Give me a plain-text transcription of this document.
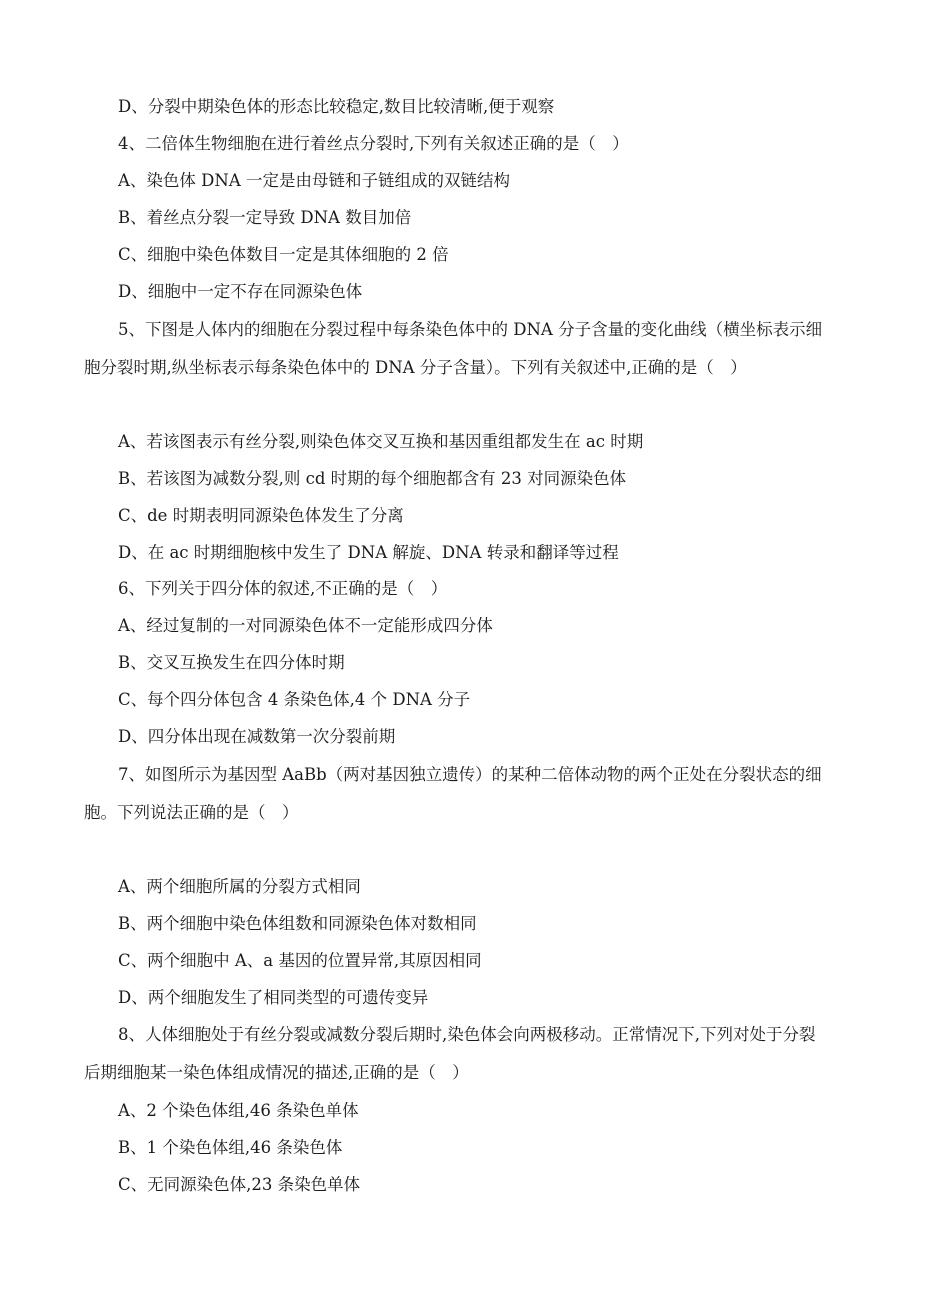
D、分裂中期染色体的形态比较稳定,数目比较清晰,便于观察
4、二倍体生物细胞在进行着丝点分裂时,下列有关叙述正确的是（　）
A、染色体 DNA 一定是由母链和子链组成的双链结构
B、着丝点分裂一定导致 DNA 数目加倍
C、细胞中染色体数目一定是其体细胞的 2 倍
D、细胞中一定不存在同源染色体
5、下图是人体内的细胞在分裂过程中每条染色体中的 DNA 分子含量的变化曲线（横坐标表示细
胞分裂时期,纵坐标表示每条染色体中的 DNA 分子含量）。下列有关叙述中,正确的是（　）
A、若该图表示有丝分裂,则染色体交叉互换和基因重组都发生在 ac 时期
B、若该图为减数分裂,则 cd 时期的每个细胞都含有 23 对同源染色体
C、de 时期表明同源染色体发生了分离
D、在 ac 时期细胞核中发生了 DNA 解旋、DNA 转录和翻译等过程
6、下列关于四分体的叙述,不正确的是（　）
A、经过复制的一对同源染色体不一定能形成四分体
B、交叉互换发生在四分体时期
C、每个四分体包含 4 条染色体,4 个 DNA 分子
D、四分体出现在减数第一次分裂前期
7、如图所示为基因型 AaBb（两对基因独立遗传）的某种二倍体动物的两个正处在分裂状态的细
胞。下列说法正确的是（　）
A、两个细胞所属的分裂方式相同
B、两个细胞中染色体组数和同源染色体对数相同
C、两个细胞中 A、a 基因的位置异常,其原因相同
D、两个细胞发生了相同类型的可遗传变异
8、人体细胞处于有丝分裂或减数分裂后期时,染色体会向两极移动。正常情况下,下列对处于分裂
后期细胞某一染色体组成情况的描述,正确的是（　）
A、2 个染色体组,46 条染色单体
B、1 个染色体组,46 条染色体
C、无同源染色体,23 条染色单体
